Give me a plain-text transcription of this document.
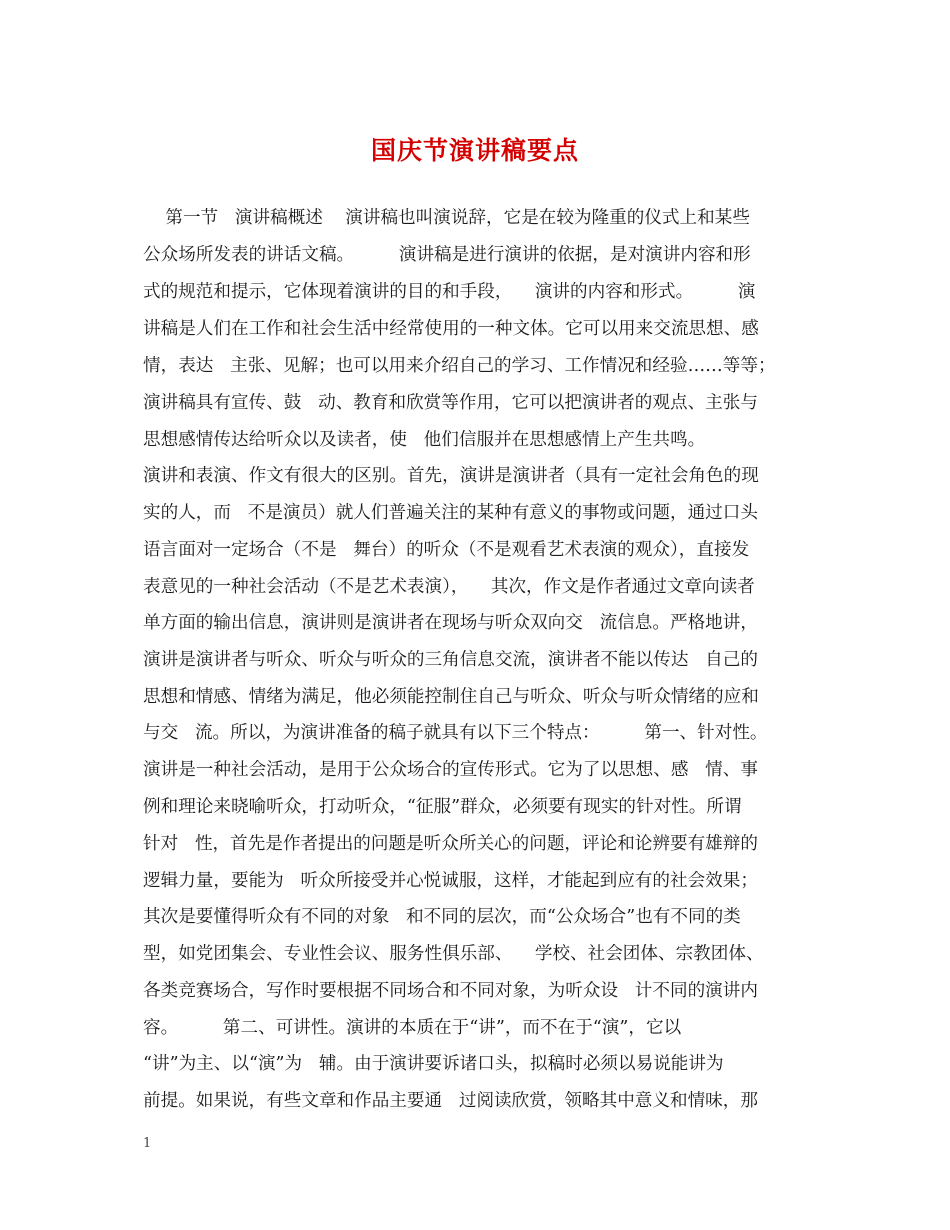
国庆节演讲稿要点
第一节   演讲稿概述    演讲稿也叫演说辞，它是在较为隆重的仪式上和某些
公众场所发表的讲话文稿。        演讲稿是进行演讲的依据，是对演讲内容和形
式的规范和提示，它体现着演讲的目的和手段，    演讲的内容和形式。        演
讲稿是人们在工作和社会生活中经常使用的一种文体。它可以用来交流思想、感
情，表达   主张、见解；也可以用来介绍自己的学习、工作情况和经验……等等；
演讲稿具有宣传、鼓   动、教育和欣赏等作用，它可以把演讲者的观点、主张与
思想感情传达给听众以及读者，使   他们信服并在思想感情上产生共鸣。
演讲和表演、作文有很大的区别。首先，演讲是演讲者（具有一定社会角色的现
实的人，而   不是演员）就人们普遍关注的某种有意义的事物或问题，通过口头
语言面对一定场合（不是   舞台）的听众（不是观看艺术表演的观众），直接发
表意见的一种社会活动（不是艺术表演），    其次，作文是作者通过文章向读者
单方面的输出信息，演讲则是演讲者在现场与听众双向交   流信息。严格地讲，
演讲是演讲者与听众、听众与听众的三角信息交流，演讲者不能以传达   自己的
思想和情感、情绪为满足，他必须能控制住自己与听众、听众与听众情绪的应和
与交   流。所以，为演讲准备的稿子就具有以下三个特点：        第一、针对性。
演讲是一种社会活动，是用于公众场合的宣传形式。它为了以思想、感   情、事
例和理论来晓喻听众，打动听众，“征服”群众，必须要有现实的针对性。所谓
针对   性，首先是作者提出的问题是听众所关心的问题，评论和论辨要有雄辩的
逻辑力量，要能为   听众所接受并心悦诚服，这样，才能起到应有的社会效果；
其次是要懂得听众有不同的对象   和不同的层次，而“公众场合”也有不同的类
型，如党团集会、专业性会议、服务性俱乐部、    学校、社会团体、宗教团体、
各类竞赛场合，写作时要根据不同场合和不同对象，为听众设   计不同的演讲内
容。        第二、可讲性。演讲的本质在于“讲”，而不在于“演”，它以
“讲”为主、以“演”为   辅。由于演讲要诉诸口头，拟稿时必须以易说能讲为
前提。如果说，有些文章和作品主要通   过阅读欣赏，领略其中意义和情味，那
1
